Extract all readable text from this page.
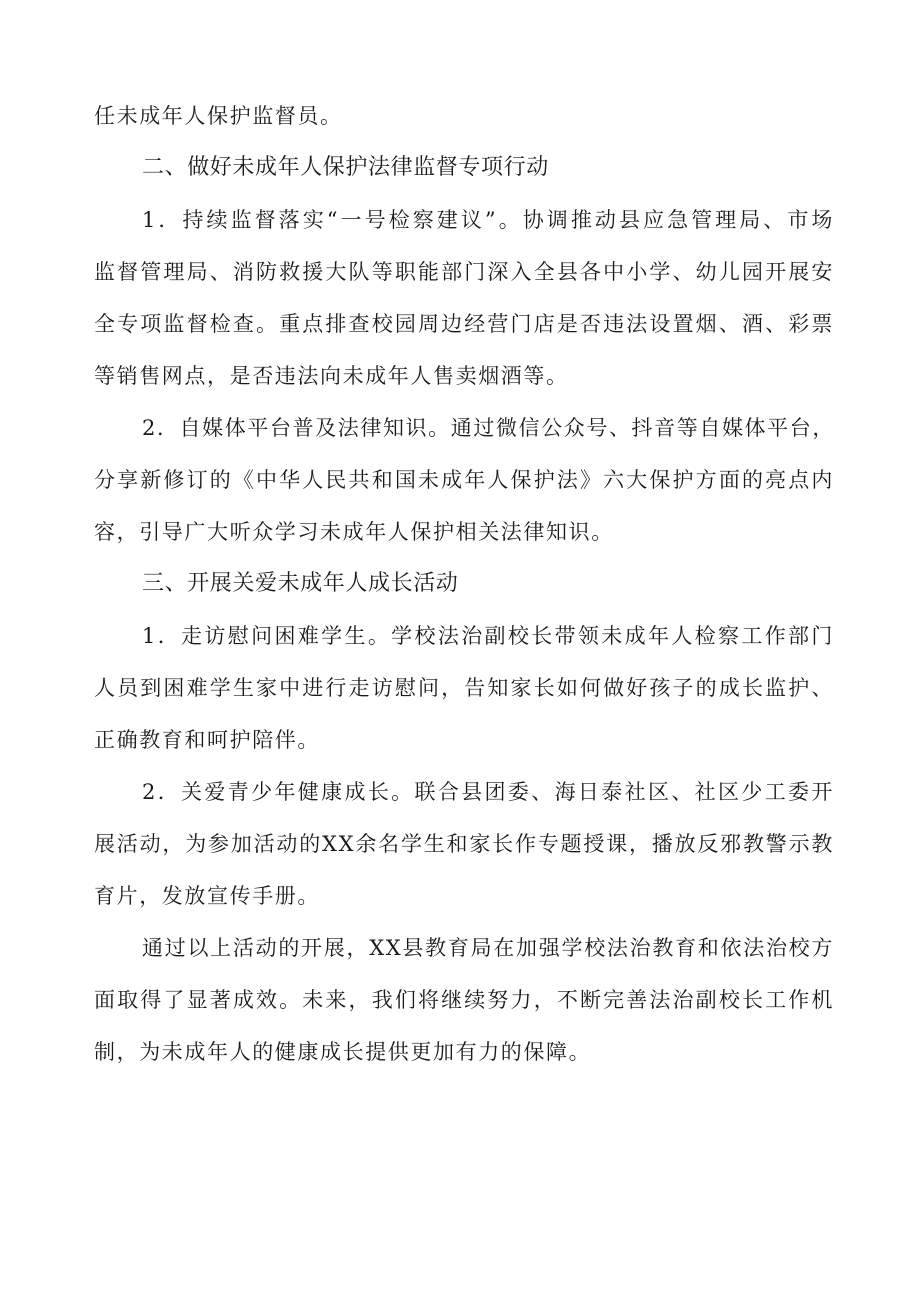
任未成年人保护监督员。
二、做好未成年人保护法律监督专项行动
1．持续监督落实“一号检察建议”。协调推动县应急管理局、市场
监督管理局、消防救援大队等职能部门深入全县各中小学、幼儿园开展安
全专项监督检查。重点排查校园周边经营门店是否违法设置烟、酒、彩票
等销售网点，是否违法向未成年人售卖烟酒等。
2．自媒体平台普及法律知识。通过微信公众号、抖音等自媒体平台，
分享新修订的《中华人民共和国未成年人保护法》六大保护方面的亮点内
容，引导广大听众学习未成年人保护相关法律知识。
三、开展关爱未成年人成长活动
1．走访慰问困难学生。学校法治副校长带领未成年人检察工作部门
人员到困难学生家中进行走访慰问，告知家长如何做好孩子的成长监护、
正确教育和呵护陪伴。
2．关爱青少年健康成长。联合县团委、海日泰社区、社区少工委开
展活动，为参加活动的XX余名学生和家长作专题授课，播放反邪教警示教
育片，发放宣传手册。
通过以上活动的开展，XX县教育局在加强学校法治教育和依法治校方
面取得了显著成效。未来，我们将继续努力，不断完善法治副校长工作机
制，为未成年人的健康成长提供更加有力的保障。
